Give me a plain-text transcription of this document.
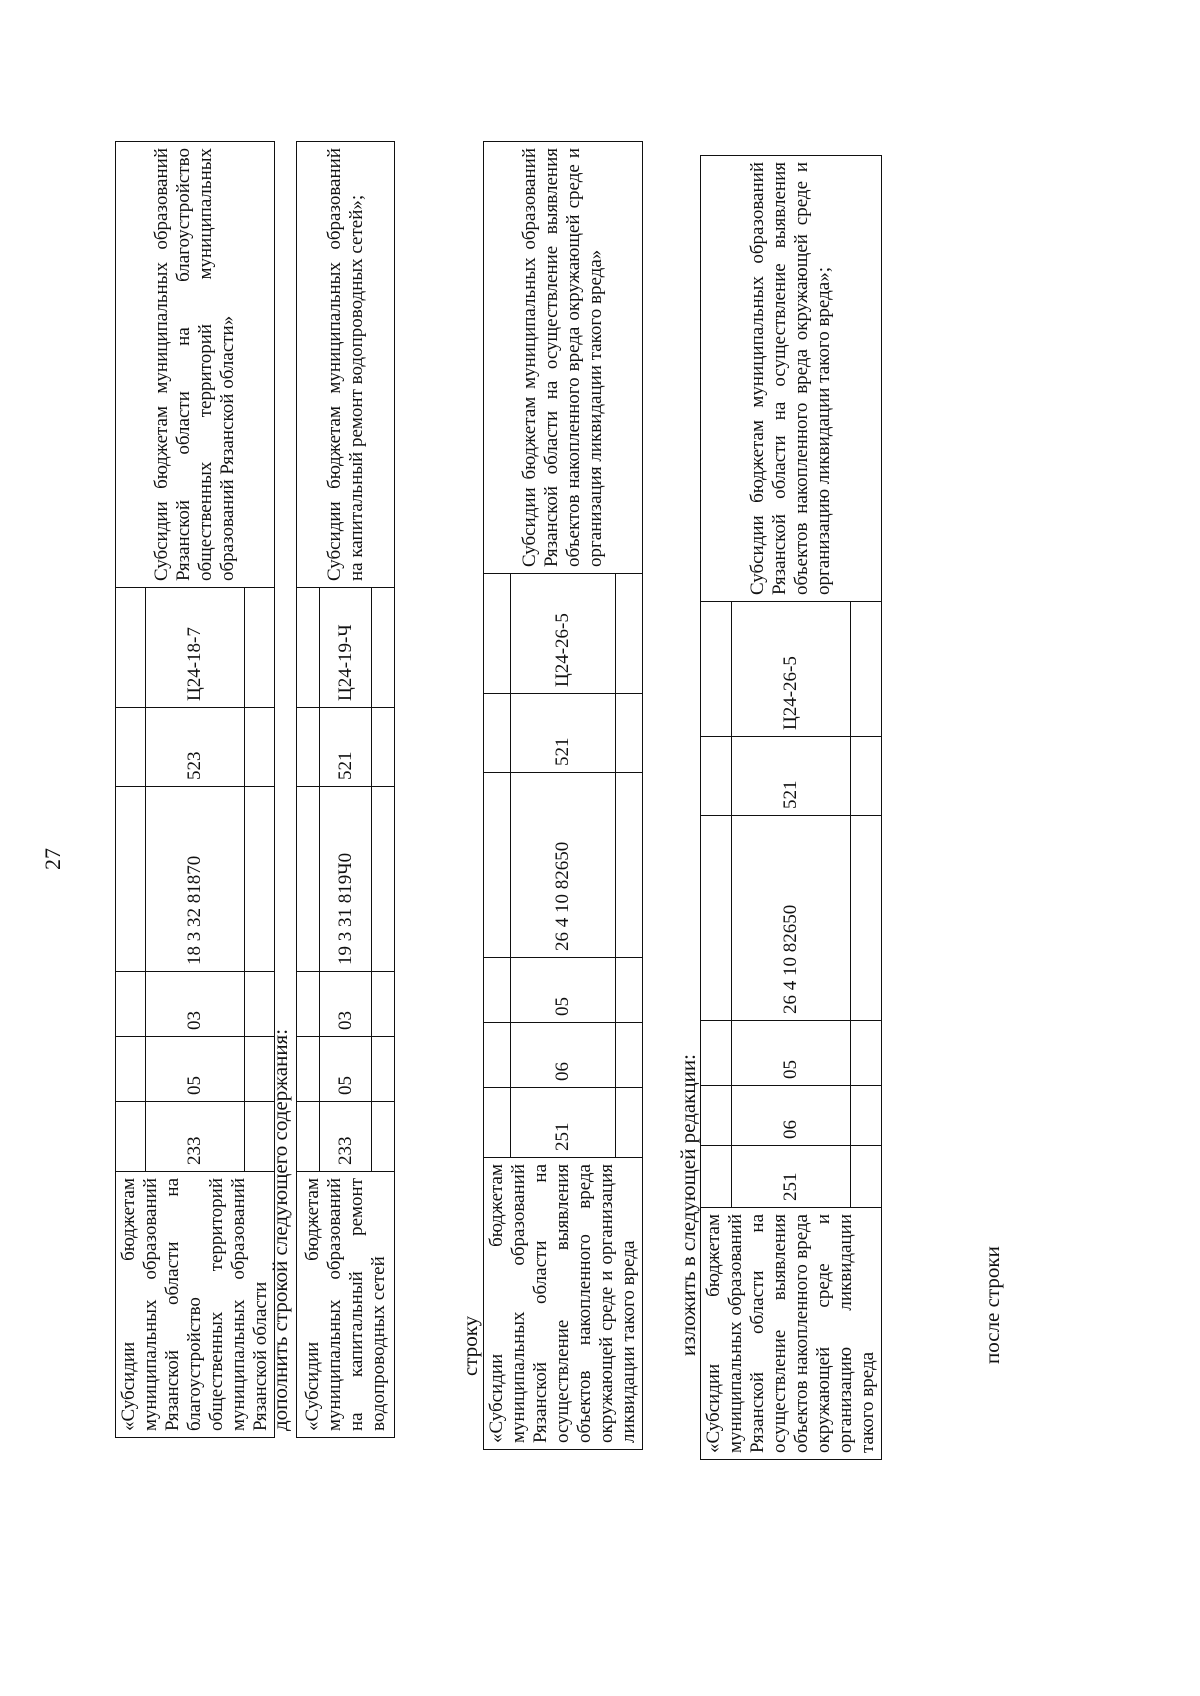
27
«Субсидии бюджетам муниципальных образований Рязанской области на благоустройство общественных территорий муниципальных образований Рязанской области							Субсидии бюджетам муниципальных образований Рязанской области на благоустройство общественных территорий муниципальных образований Рязанской области»
	233	05	03	18 3 32 81870	523	Ц24-18-7	

дополнить строкой следующего содержания: «Субсидии бюджетам муниципальных образований на капитальный ремонт водопроводных сетей							Субсидии бюджетам муниципальных образований на капитальный ремонт водопроводных сетей»;
	233	05	03	19 3 31 819Ч0	521	Ц24-19-Ч	

строку «Субсидии бюджетам муниципальных образований Рязанской области на осуществление выявления объектов накопленного вреда окружающей среде и организация ликвидации такого вреда							Субсидии бюджетам муниципальных образований Рязанской области на осуществление выявления объектов накопленного вреда окружающей среде и организация ликвидации такого вреда»
	251	06	05	26 4 10 82650	521	Ц24-26-5	

изложить в следующей редакции: «Субсидии бюджетам муниципальных образований Рязанской области на осуществление выявления объектов накопленного вреда окружающей среде и организацию ликвидации такого вреда							Субсидии бюджетам муниципальных образований Рязанской области на осуществление выявления объектов накопленного вреда окружающей среде и организацию ликвидации такого вреда»;
	251	06	05	26 4 10 82650	521	Ц24-26-5	

после строки
